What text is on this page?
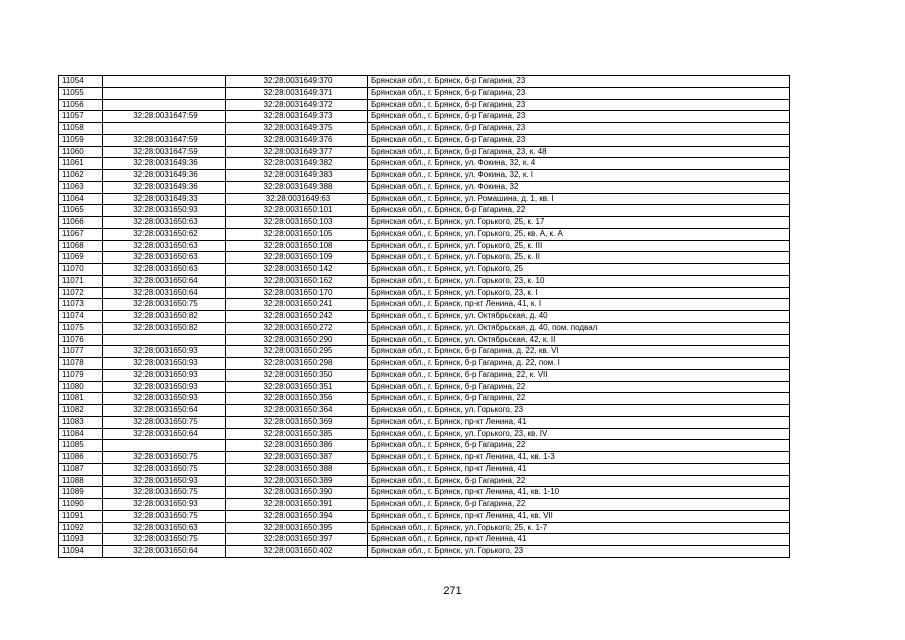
11054		32:28:0031649:370	Брянская обл., г. Брянск, б-р Гагарина, 23
11055		32:28:0031649:371	Брянская обл., г. Брянск, б-р Гагарина, 23
11056		32:28:0031649:372	Брянская обл., г. Брянск, б-р Гагарина, 23
11057	32:28:0031647:59	32:28:0031649:373	Брянская обл., г. Брянск, б-р Гагарина, 23
11058		32:28:0031649:375	Брянская обл., г. Брянск, б-р Гагарина, 23
11059	32:28:0031647:59	32:28:0031649:376	Брянская обл., г. Брянск, б-р Гагарина, 23
11060	32:28:0031647:59	32:28:0031649:377	Брянская обл., г. Брянск, б-р Гагарина, 23, к. 48
11061	32:28:0031649:36	32:28:0031649:382	Брянская обл., г. Брянск, ул. Фокина, 32, к. 4
11062	32:28:0031649:36	32:28:0031649:383	Брянская обл., г. Брянск, ул. Фокина, 32, к. I
11063	32:28:0031649:36	32:28:0031649:388	Брянская обл., г. Брянск, ул. Фокина, 32
11064	32:28:0031649:33	32:28:0031649:63	Брянская обл., г. Брянск, ул. Ромашина, д. 1, кв. I
11065	32:28:0031650:93	32:28:0031650:101	Брянская обл., г. Брянск, б-р Гагарина, 22
11066	32:28:0031650:63	32:28:0031650:103	Брянская обл., г. Брянск, ул. Горького, 25, к. 17
11067	32:28:0031650:62	32:28:0031650:105	Брянская обл., г. Брянск, ул. Горького, 25, кв. А, к. А
11068	32:28:0031650:63	32:28:0031650:108	Брянская обл., г. Брянск, ул. Горького, 25, к. III
11069	32:28:0031650:63	32:28:0031650:109	Брянская обл., г. Брянск, ул. Горького, 25, к. II
11070	32:28:0031650:63	32:28:0031650:142	Брянская обл., г. Брянск, ул. Горького, 25
11071	32:28:0031650:64	32:28:0031650:162	Брянская обл., г. Брянск, ул. Горького, 23, к. 10
11072	32:28:0031650:64	32:28:0031650:170	Брянская обл., г. Брянск, ул. Горького, 23, к. I
11073	32:28:0031650:75	32:28:0031650:241	Брянская обл., г. Брянск, пр-кт Ленина, 41, к. I
11074	32:28:0031650:82	32:28:0031650:242	Брянская обл., г. Брянск, ул. Октябрьская, д. 40
11075	32:28:0031650:82	32:28:0031650:272	Брянская обл., г. Брянск, ул. Октябрьская, д. 40, пом. подвал
11076		32:28:0031650:290	Брянская обл., г. Брянск, ул. Октябрьская, 42, к. II
11077	32:28:0031650:93	32:28:0031650:295	Брянская обл., г. Брянск, б-р Гагарина, д. 22, кв. VI
11078	32:28:0031650:93	32:28:0031650:298	Брянская обл., г. Брянск, б-р Гагарина, д. 22, пом. I
11079	32:28:0031650:93	32:28:0031650:350	Брянская обл., г. Брянск, б-р Гагарина, 22, к. VII
11080	32:28:0031650:93	32:28:0031650:351	Брянская обл., г. Брянск, б-р Гагарина, 22
11081	32:28:0031650:93	32:28:0031650:356	Брянская обл., г. Брянск, б-р Гагарина, 22
11082	32:28:0031650:64	32:28:0031650:364	Брянская обл., г. Брянск, ул. Горького, 23
11083	32:28:0031650:75	32:28:0031650:369	Брянская обл., г. Брянск, пр-кт Ленина, 41
11084	32:28:0031650:64	32:28:0031650:385	Брянская обл., г. Брянск, ул. Горького, 23, кв. IV
11085		32:28:0031650:386	Брянская обл., г. Брянск, б-р Гагарина, 22
11086	32:28:0031650:75	32:28:0031650:387	Брянская обл., г. Брянск, пр-кт Ленина, 41, кв. 1-3
11087	32:28:0031650:75	32:28:0031650:388	Брянская обл., г. Брянск, пр-кт Ленина, 41
11088	32:28:0031650:93	32:28:0031650:389	Брянская обл., г. Брянск, б-р Гагарина, 22
11089	32:28:0031650:75	32:28:0031650:390	Брянская обл., г. Брянск, пр-кт Ленина, 41, кв. 1-10
11090	32:28:0031650:93	32:28:0031650:391	Брянская обл., г. Брянск, б-р Гагарина, 22
11091	32:28:0031650:75	32:28:0031650:394	Брянская обл., г. Брянск, пр-кт Ленина, 41, кв. VII
11092	32:28:0031650:63	32:28:0031650:395	Брянская обл., г. Брянск, ул. Горького, 25, к. 1-7
11093	32:28:0031650:75	32:28:0031650:397	Брянская обл., г. Брянск, пр-кт Ленина, 41
11094	32:28:0031650:64	32:28:0031650:402	Брянская обл., г. Брянск, ул. Горького, 23
271
